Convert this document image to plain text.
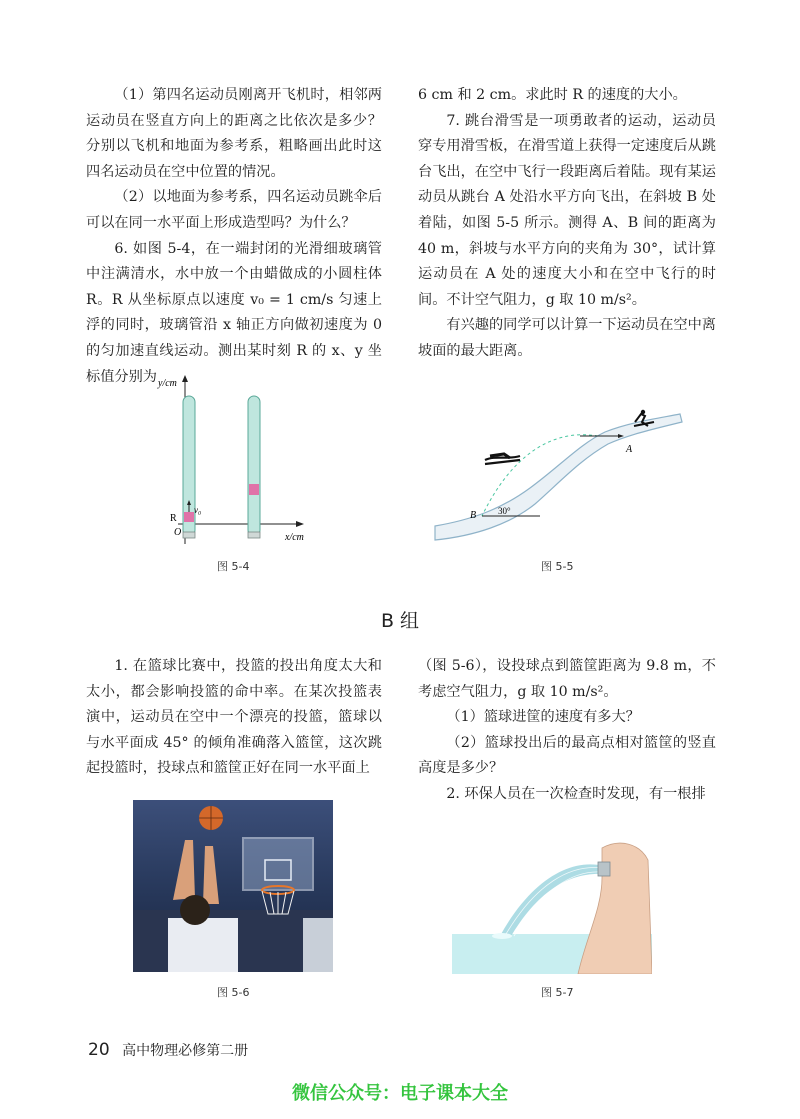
（1）第四名运动员刚离开飞机时，相邻两运动员在竖直方向上的距离之比依次是多少？分别以飞机和地面为参考系，粗略画出此时这四名运动员在空中位置的情况。

（2）以地面为参考系，四名运动员跳伞后可以在同一水平面上形成造型吗？为什么？

6. 如图 5-4，在一端封闭的光滑细玻璃管中注满清水，水中放一个由蜡做成的小圆柱体 R。R 从坐标原点以速度 v₀ = 1 cm/s 匀速上浮的同时，玻璃管沿 x 轴正方向做初速度为 0 的匀加速直线运动。测出某时刻 R 的 x、y 坐标值分别为

6 cm 和 2 cm。求此时 R 的速度的大小。

7. 跳台滑雪是一项勇敢者的运动，运动员穿专用滑雪板，在滑雪道上获得一定速度后从跳台飞出，在空中飞行一段距离后着陆。现有某运动员从跳台 A 处沿水平方向飞出，在斜坡 B 处着陆，如图 5-5 所示。测得 A、B 间的距离为 40 m，斜坡与水平方向的夹角为 30°，试计算运动员在 A 处的速度大小和在空中飞行的时间。不计空气阻力，g 取 10 m/s²。

有兴趣的同学可以计算一下运动员在空中离坡面的最大距离。

y/cm
x/cm
R
O
v₀
图 5-4
A
B 30°
图 5-5
B 组

1. 在篮球比赛中，投篮的投出角度太大和太小，都会影响投篮的命中率。在某次投篮表演中，运动员在空中一个漂亮的投篮，篮球以与水平面成 45° 的倾角准确落入篮筐，这次跳起投篮时，投球点和篮筐正好在同一水平面上

（图 5-6），设投球点到篮筐距离为 9.8 m，不考虑空气阻力，g 取 10 m/s²。

（1）篮球进筐的速度有多大？

（2）篮球投出后的最高点相对篮筐的竖直高度是多少？

2. 环保人员在一次检查时发现，有一根排

图 5-6	图 5-7
20 高中物理必修第二册
微信公众号：电子课本大全
